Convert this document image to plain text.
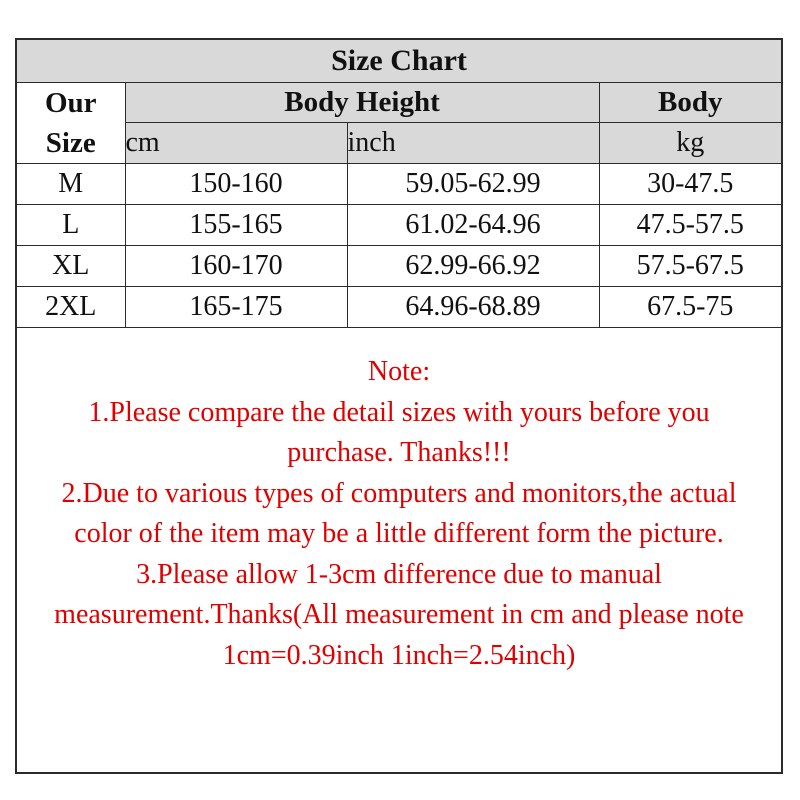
Size Chart			
Our Size	Body Height		Body
	cm	inch	kg
M	150-160	59.05-62.99	30-47.5
L	155-165	61.02-64.96	47.5-57.5
XL	160-170	62.99-66.92	57.5-67.5
2XL	165-175	64.96-68.89	67.5-75

Note:

1.Please compare the detail sizes with yours before you purchase. Thanks!!!

2.Due to various types of computers and monitors,the actual color of the item may be a little different form the picture.

3.Please allow 1-3cm difference due to manual measurement.Thanks(All measurement in cm and please note 1cm=0.39inch 1inch=2.54inch)
